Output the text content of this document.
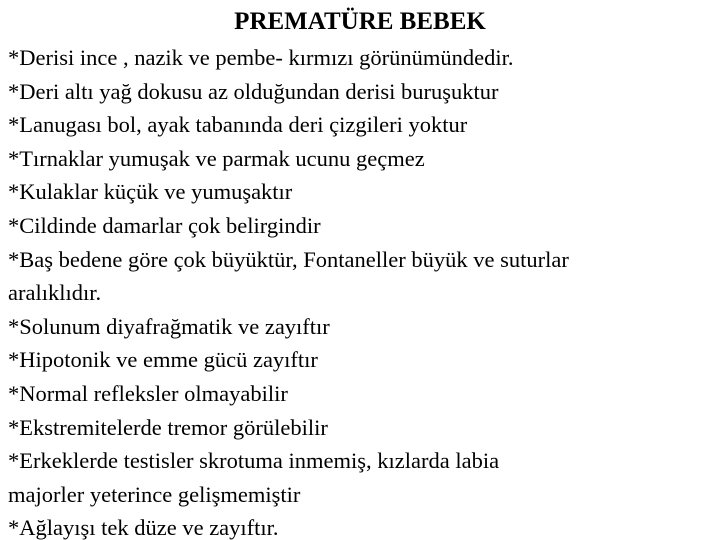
PREMATÜRE BEBEK
*Derisi ince , nazik ve pembe- kırmızı görünümündedir.
*Deri altı yağ dokusu az olduğundan derisi buruşuktur
*Lanugası bol, ayak tabanında deri çizgileri yoktur
*Tırnaklar yumuşak ve parmak ucunu geçmez
*Kulaklar küçük ve yumuşaktır
*Cildinde damarlar çok belirgindir
*Baş bedene göre çok büyüktür, Fontaneller büyük ve suturlar
aralıklıdır.
*Solunum diyafrağmatik ve zayıftır
*Hipotonik ve emme gücü zayıftır
*Normal refleksler olmayabilir
*Ekstremitelerde tremor görülebilir
*Erkeklerde testisler skrotuma inmemiş, kızlarda labia
majorler yeterince gelişmemiştir
*Ağlayışı tek düze ve zayıftır.
